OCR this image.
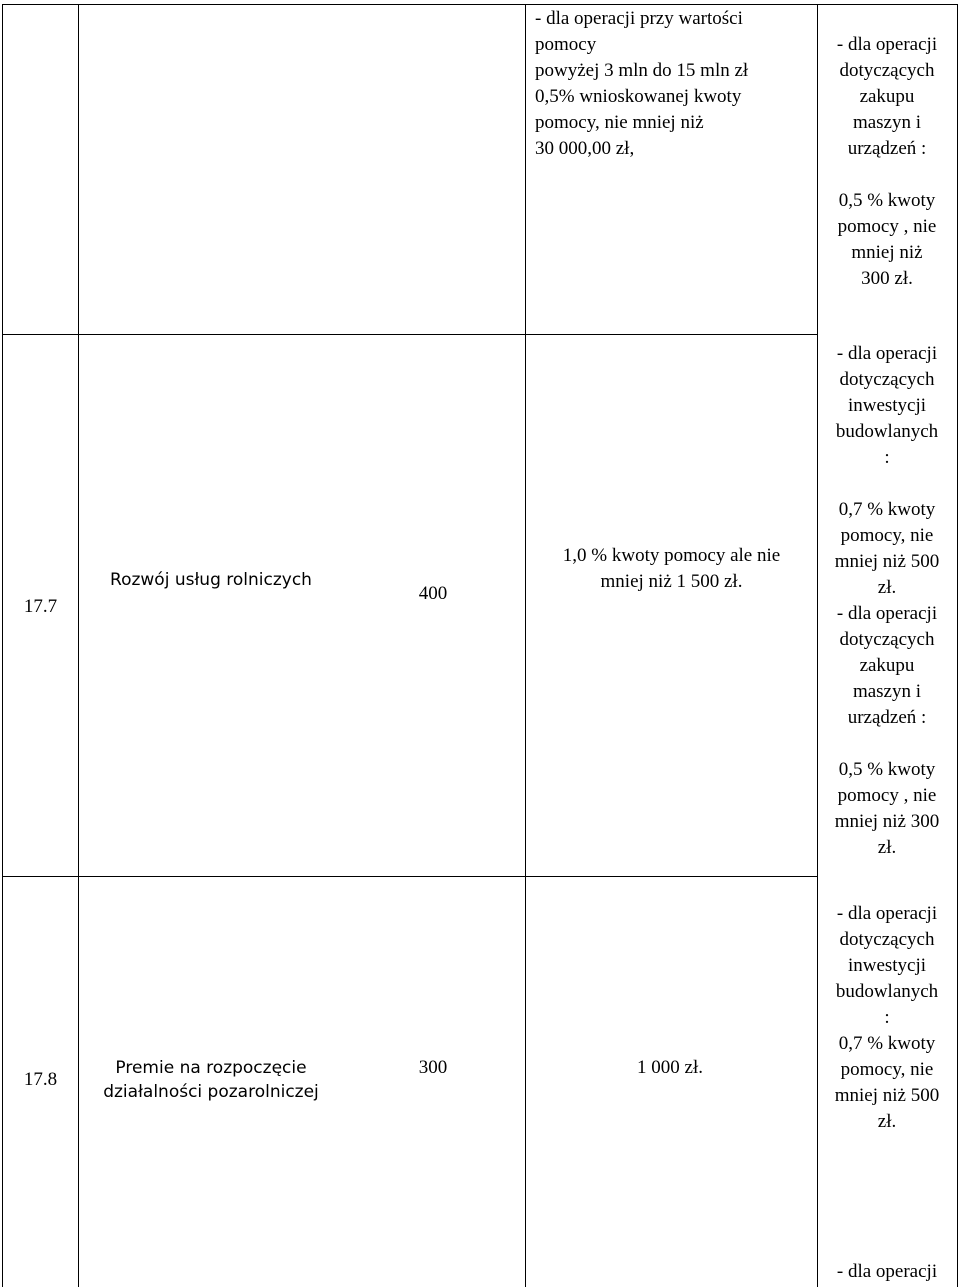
- dla operacji przy wartości
pomocy
powyżej 3 mln do 15 mln zł
0,5% wnioskowanej kwoty
pomocy, nie mniej niż
30 000,00 zł,
- dla operacji
dotyczących
zakupu
maszyn i
urządzeń :
0,5 % kwoty
pomocy , nie
mniej niż
300 zł.
17.7
Rozwój usług rolniczych
400
1,0 % kwoty pomocy ale nie
mniej niż 1 500 zł.
- dla operacji
dotyczących
inwestycji
budowlanych
:
0,7 % kwoty
pomocy, nie
mniej niż 500
zł.
- dla operacji
dotyczących
zakupu
maszyn i
urządzeń :
0,5 % kwoty
pomocy , nie
mniej niż 300
zł.
17.8
Premie na rozpoczęcie
działalności pozarolniczej
300	1 000 zł.
- dla operacji
dotyczących
inwestycji
budowlanych
:
0,7 % kwoty
pomocy, nie
mniej niż 500
zł.
- dla operacji
